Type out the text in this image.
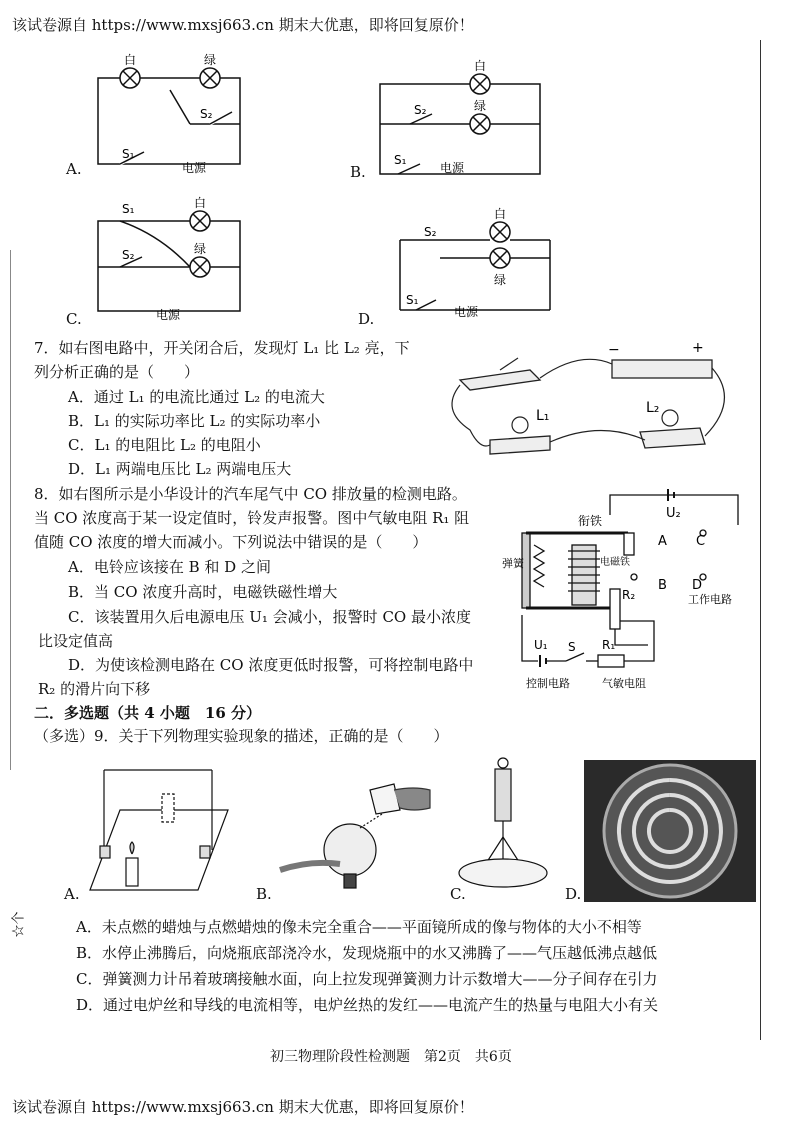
该试卷源自 https://www.mxsj663.cn 期末大优惠，即将回复原价！
白	绿
S₂
S₁
电源
A.
白
绿
S₂
S₁
电源
B.
白
绿
S₁
S₂
电源
C.
白
绿
S₂
S₁
电源
D.
7．如右图电路中，开关闭合后，发现灯 L₁ 比 L₂ 亮，下
列分析正确的是（　　）
A．通过 L₁ 的电流比通过 L₂ 的电流大
B．L₁ 的实际功率比 L₂ 的实际功率小
C．L₁ 的电阻比 L₂ 的电阻小
D．L₁ 两端电压比 L₂ 两端电压大
L₁	L₂
−	+
8．如右图所示是小华设计的汽车尾气中 CO 排放量的检测电路。
当 CO 浓度高于某一设定值时，铃发声报警。图中气敏电阻 R₁ 阻
值随 CO 浓度的增大而减小。下列说法中错误的是（　　）
A．电铃应该接在 B 和 D 之间
B．当 CO 浓度升高时，电磁铁磁性增大
C．该装置用久后电源电压 U₁ 会减小，报警时 CO 最小浓度
比设定值高
D．为使该检测电路在 CO 浓度更低时报警，可将控制电路中
R₂ 的滑片向下移
U₂
衔铁
弹簧	电磁铁
A C
B D
R₂	工作电路
U₁ S R₁
控制电路	气敏电阻
二．多选题（共 4 小题　16 分）
（多选）9．关于下列物理实验现象的描述，正确的是（　　）
A.	B.	C.	D.
A．未点燃的蜡烛与点燃蜡烛的像未完全重合——平面镜所成的像与物体的大小不相等
B．水停止沸腾后，向烧瓶底部浇冷水，发现烧瓶中的水又沸腾了——气压越低沸点越低
C．弹簧测力计吊着玻璃接触水面，向上拉发现弹簧测力计示数增大——分子间存在引力
D．通过电炉丝和导线的电流相等，电炉丝热的发红——电流产生的热量与电阻大小有关
☆个
初三物理阶段性检测题　第2页　共6页
该试卷源自 https://www.mxsj663.cn 期末大优惠，即将回复原价！
